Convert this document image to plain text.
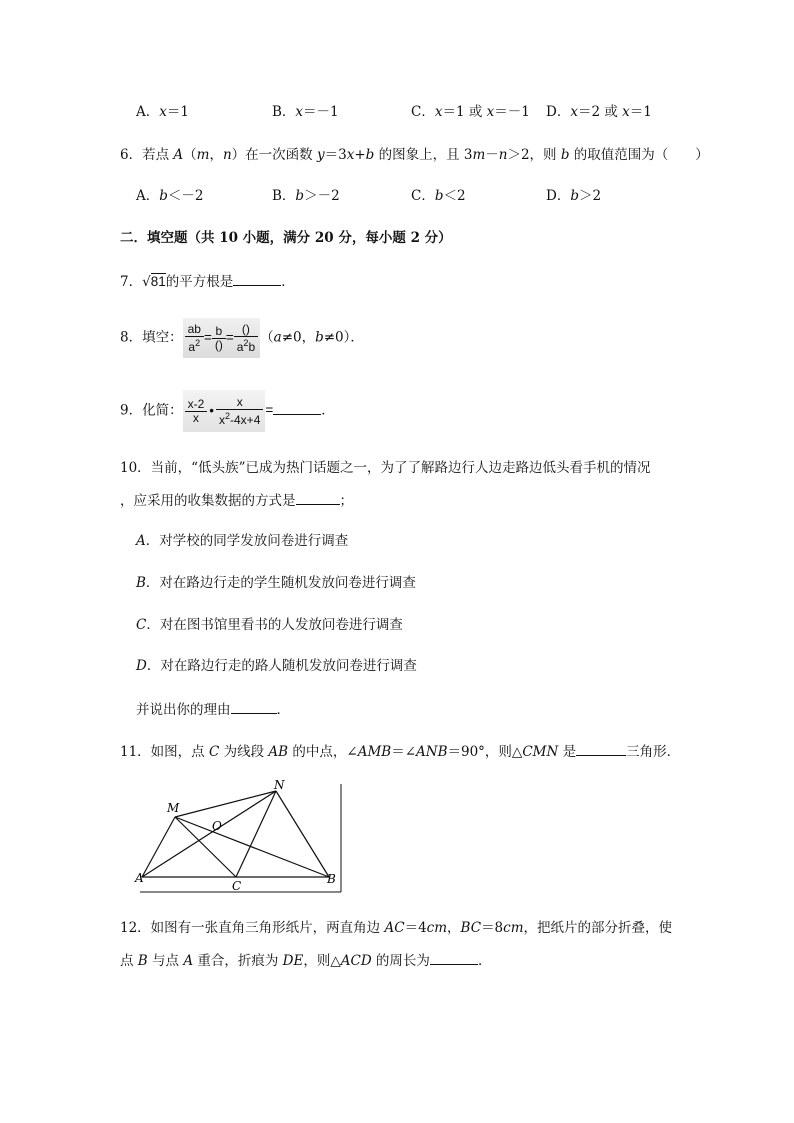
A．x＝1	B．x＝－1	C．x＝1 或 x＝－1 D．x＝2 或 x＝1
6．若点 A（m，n）在一次函数 y＝3x+b 的图象上，且 3m－n＞2，则 b 的取值范围为（　　）
A．b＜－2	B．b＞－2	C．b＜2	D．b＞2
二．填空题（共 10 小题，满分 20 分，每小题 2 分）
7．√81的平方根是	．
8．填空： $\frac{ab}{a^2} = \frac{b}{()} = \frac{()}{a^2b} (a\ne 0$，b≠0）．
9．化简： $\frac{x-2}{x}$ • $\frac{x}{x^2-4x+4}$ =	．
10．当前，“低头族”已成为热门话题之一，为了了解路边行人边走路边低头看手机的情况
，应采用的收集数据的方式是	；
A．对学校的同学发放问卷进行调查
B．对在路边行走的学生随机发放问卷进行调查
C．对在图书馆里看书的人发放问卷进行调查
D．对在路边行走的路人随机发放问卷进行调查
并说出你的理由	．
11．如图，点 C 为线段 AB 的中点，∠AMB＝∠ANB＝90°，则△CMN 是	三角形．
M
N
O
A
C	B
12．如图有一张直角三角形纸片，两直角边 AC＝4cm，BC＝8cm，把纸片的部分折叠，使
点 B 与点 A 重合，折痕为 DE，则△ACD 的周长为	．
